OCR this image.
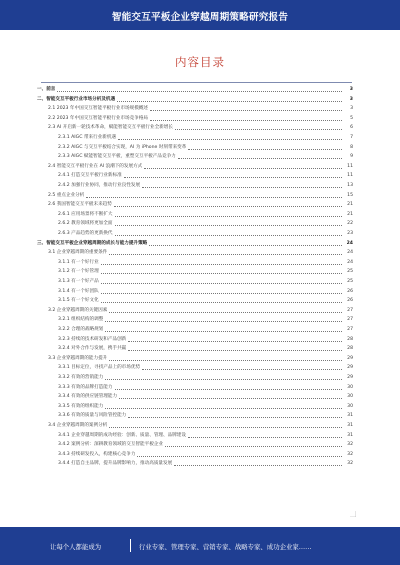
智能交互平板企业穿越周期策略研究报告
内容目录
一、前言	3
二、智能交互平板行业市场分析及机遇	3
2.1 2023 年中国交互智能平板行业市场规模概述	3
2.2 2023 年中国交互智能平板行业市场竞争格局	5
2.3 AI 开启新一轮技术革命，赋能智能交互平板行业全新增长	6
2.3.1 AIGC 带来行业新机遇	7
2.3.2 AIGC 与交互平板结合实现，AI 为 iPhone 时刻带来变革	8
2.3.3 AIGC 赋能智能交互平板，重塑交互平板产品竞争力	9
2.4 智能交互平板行业在 AI 浪潮下的发展方式	11
2.4.1 打造交互平板行业新标准	11
2.4.2 加强行业协同，推动行业良性发展	13
2.5 重点企业分析	15
2.6 我国智能交互平板未来趋势	21
2.6.1 应用场景将不断扩大	21
2.6.2 教育领域将更加全面	22
2.6.3 产品趋势的更新换代	23
三、智能交互平板企业穿越周期的成长与能力提升策略	24
3.1 企业穿越周期的重要条件	24
3.1.1 有一个好行业	24
3.1.2 有一个好管理	25
3.1.3 有一个好产品	25
3.1.4 有一个好团队	26
3.1.5 有一个好文化	26
3.2 企业穿越周期的关键因素	27
3.2.1 组织结构的调整	27
3.2.2 合理的战略规划	27
3.2.3 持续的技术研发和产品创新	28
3.2.4 对外合作与发展，携手共赢	28
3.3 企业穿越周期的能力提升	29
3.3.1 目标定位，寻找产品上的市场优势	29
3.3.2 有效的营销能力	29
3.3.3 有效的品牌打造能力	30
3.3.4 有效的供应链管理能力	30
3.3.5 有效的组织能力	30
3.3.6 有效的质量与风险管控能力	31
3.4 企业穿越周期的案例分析	31
3.4.1 企业穿越周期的成功经验：创新、质量、管理、品牌建设	31
3.4.2 案例分析：深耕教育领域的交互智能平板企业	32
3.4.3 持续研发投入，构建核心竞争力	32
3.4.4 打造自主品牌，提升品牌影响力，推动高质量发展	32
让每个人都能成为	行业专家、管理专家、营销专家、战略专家、成功企业家……
